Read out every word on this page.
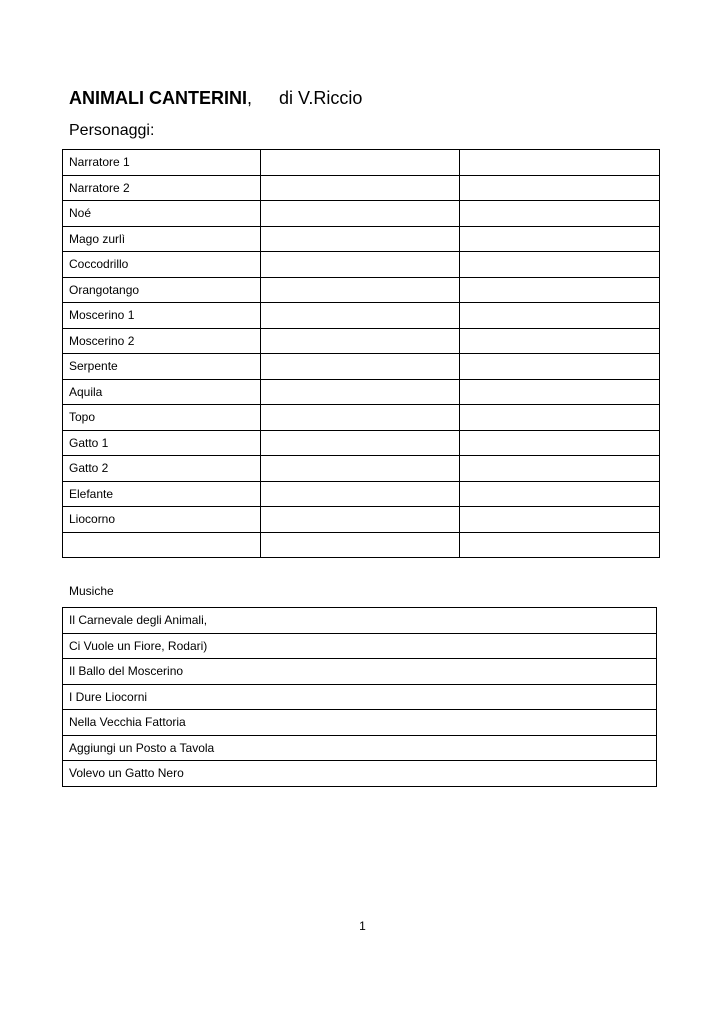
ANIMALI CANTERINI, di V.Riccio
Personaggi:
Narratore 1		
Narratore 2		
Noé		
Mago zurlì		
Coccodrillo		
Orangotango		
Moscerino 1		
Moscerino 2		
Serpente		
Aquila		
Topo		
Gatto 1		
Gatto 2		
Elefante		
Liocorno		

Musiche
Il Carnevale degli Animali,
Ci Vuole un Fiore, Rodari)
Il Ballo del Moscerino
I Dure Liocorni
Nella Vecchia Fattoria
Aggiungi un Posto a Tavola
Volevo un Gatto Nero
1
